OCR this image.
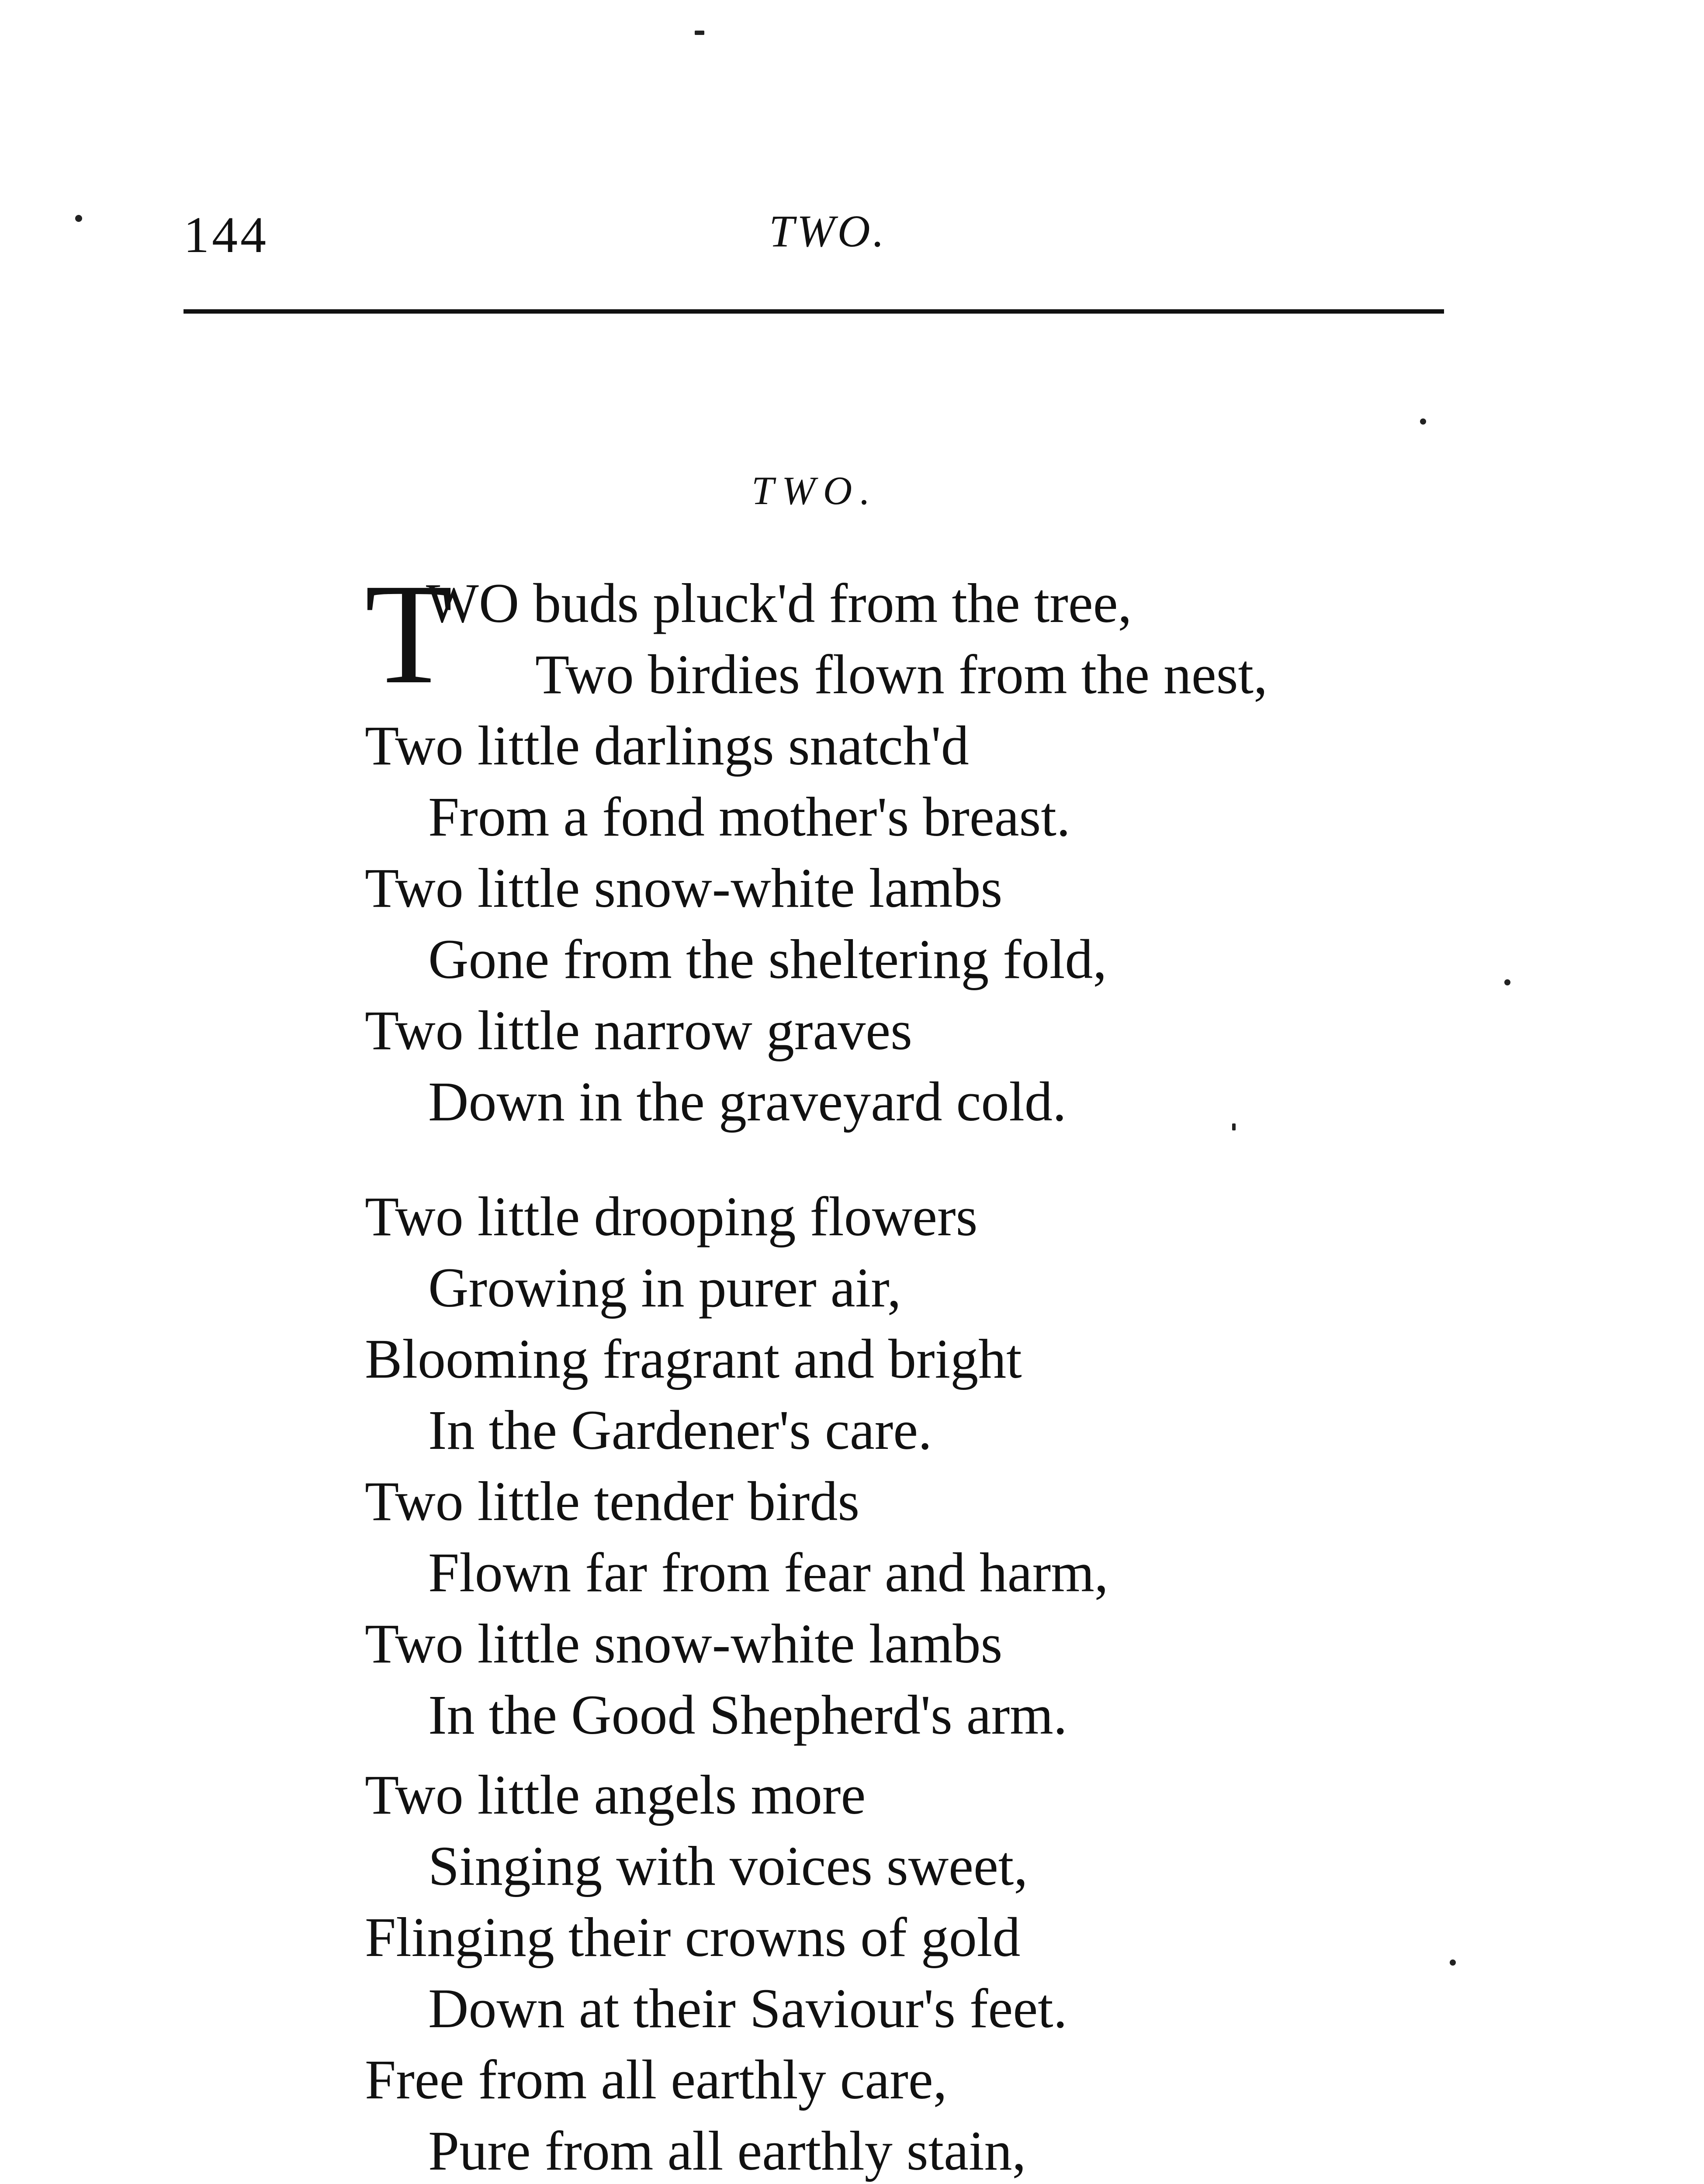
144	TWO.
TWO.
T
WO buds pluck'd from the tree,
Two birdies flown from the nest,
Two little darlings snatch'd
From a fond mother's breast.
Two little snow-white lambs
Gone from the sheltering fold,
Two little narrow graves
Down in the graveyard cold.
Two little drooping flowers
Growing in purer air,
Blooming fragrant and bright
In the Gardener's care.
Two little tender birds
Flown far from fear and harm,
Two little snow-white lambs
In the Good Shepherd's arm.
Two little angels more
Singing with voices sweet,
Flinging their crowns of gold
Down at their Saviour's feet.
Free from all earthly care,
Pure from all earthly stain,
